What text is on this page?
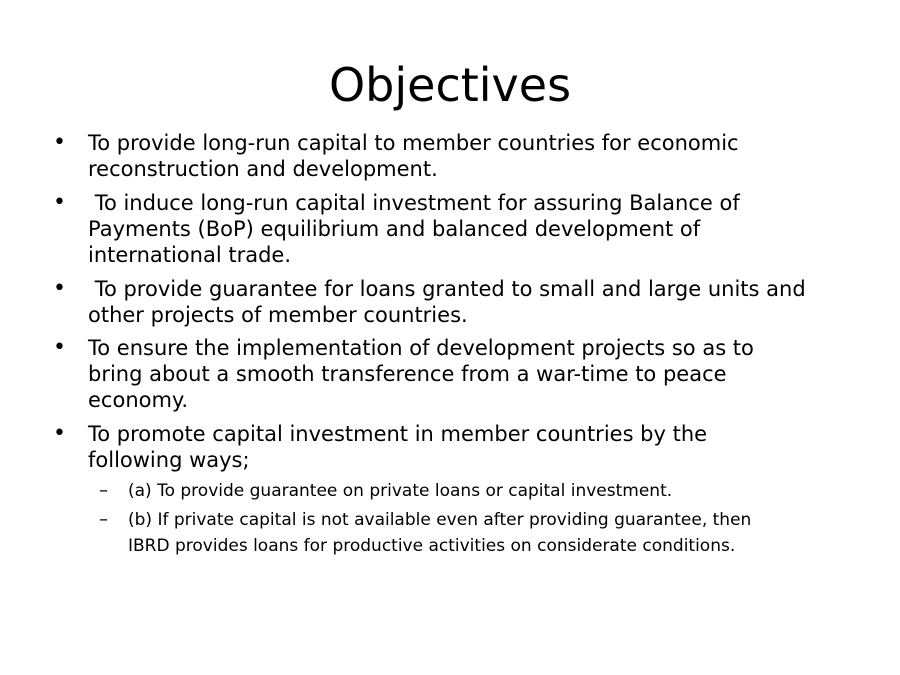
Objectives
• To provide long-run capital to member countries for economic
reconstruction and development.
•	To induce long-run capital investment for assuring Balance of
Payments (BoP) equilibrium and balanced development of
international trade.
•	To provide guarantee for loans granted to small and large units and
other projects of member countries.
• To ensure the implementation of development projects so as to
bring about a smooth transference from a war-time to peace
economy.
• To promote capital investment in member countries by the
following ways;
– (a) To provide guarantee on private loans or capital investment.
– (b) If private capital is not available even after providing guarantee, then
IBRD provides loans for productive activities on considerate conditions.
